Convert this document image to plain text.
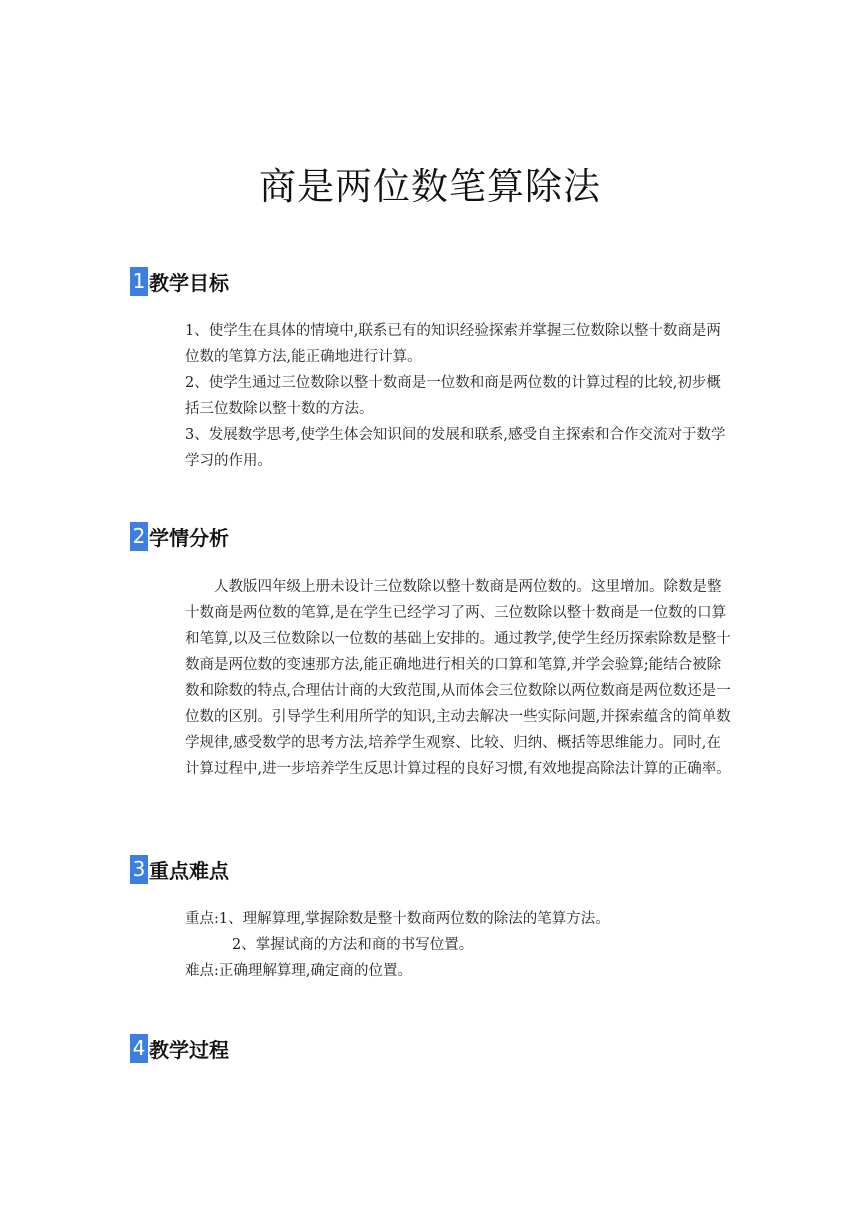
商是两位数笔算除法
1 教学目标

1、使学生在具体的情境中,联系已有的知识经验探索并掌握三位数除以整十数商是两位数的笔算方法,能正确地进行计算。

2、使学生通过三位数除以整十数商是一位数和商是两位数的计算过程的比较,初步概括三位数除以整十数的方法。

3、发展数学思考,使学生体会知识间的发展和联系,感受自主探索和合作交流对于数学学习的作用。

2 学情分析

人教版四年级上册未设计三位数除以整十数商是两位数的。这里增加。除数是整十数商是两位数的笔算,是在学生已经学习了两、三位数除以整十数商是一位数的口算和笔算,以及三位数除以一位数的基础上安排的。通过教学,使学生经历探索除数是整十数商是两位数的变速那方法,能正确地进行相关的口算和笔算,并学会验算;能结合被除数和除数的特点,合理估计商的大致范围,从而体会三位数除以两位数商是两位数还是一位数的区别。引导学生利用所学的知识,主动去解决一些实际问题,并探索蕴含的简单数学规律,感受数学的思考方法,培养学生观察、比较、归纳、概括等思维能力。同时,在计算过程中,进一步培养学生反思计算过程的良好习惯,有效地提高除法计算的正确率。

3 重点难点
重点:1、理解算理,掌握除数是整十数商两位数的除法的笔算方法。
2、掌握试商的方法和商的书写位置。
难点:正确理解算理,确定商的位置。
4 教学过程
